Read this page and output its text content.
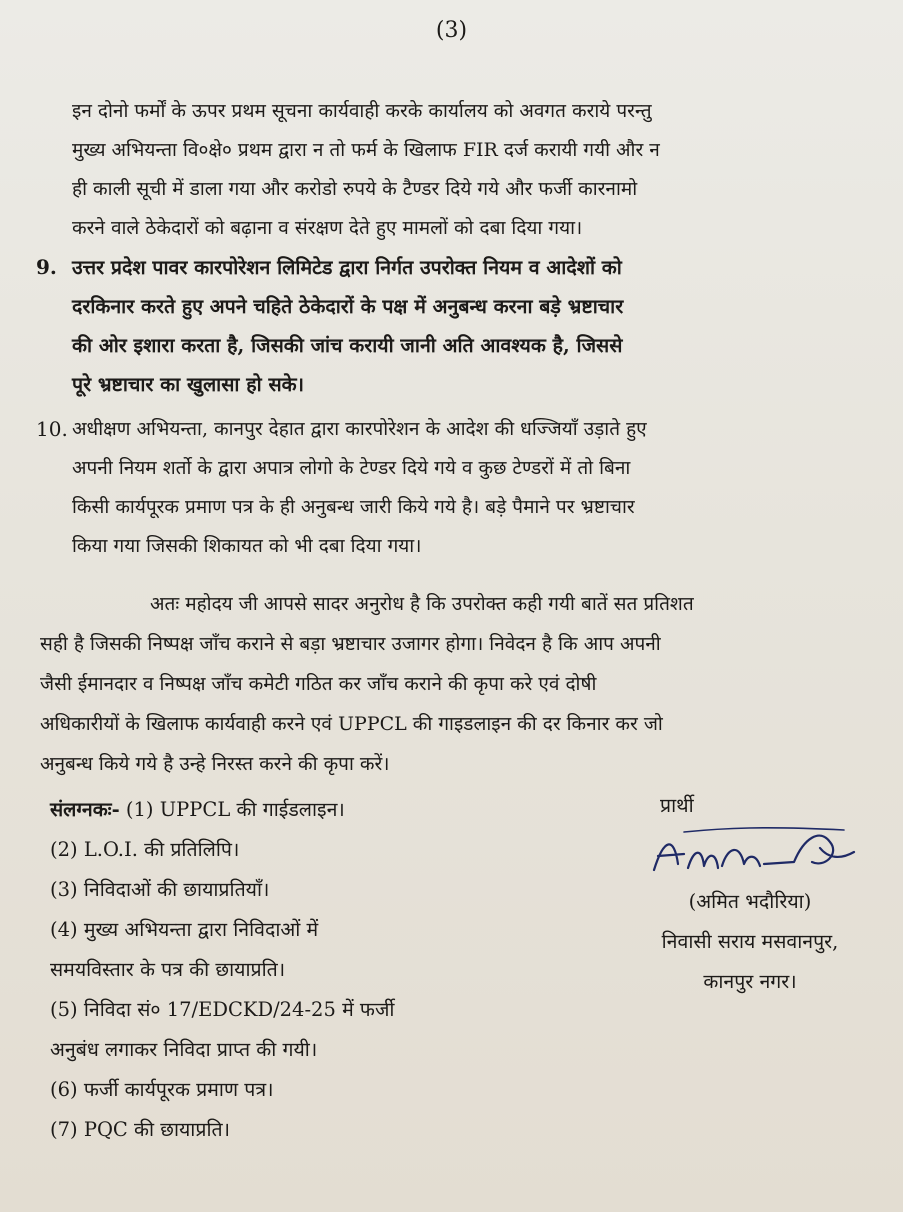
(3)
इन दोनो फर्मों के ऊपर प्रथम सूचना कार्यवाही करके कार्यालय को अवगत कराये परन्तु
मुख्य अभियन्ता वि०क्षे० प्रथम द्वारा न तो फर्म के खिलाफ FIR दर्ज करायी गयी और न
ही काली सूची में डाला गया और करोडो रुपये के टैण्डर दिये गये और फर्जी कारनामो
करने वाले ठेकेदारों को बढ़ाना व संरक्षण देते हुए मामलों को दबा दिया गया।
9. उत्तर प्रदेश पावर कारपोरेशन लिमिटेड द्वारा निर्गत उपरोक्त नियम व आदेशों को
दरकिनार करते हुए अपने चहिते ठेकेदारों के पक्ष में अनुबन्ध करना बड़े भ्रष्टाचार
की ओर इशारा करता है, जिसकी जांच करायी जानी अति आवश्यक है, जिससे
पूरे भ्रष्टाचार का खुलासा हो सके।
10. अधीक्षण अभियन्ता, कानपुर देहात द्वारा कारपोरेशन के आदेश की धज्जियाँ उड़ाते हुए
अपनी नियम शर्तो के द्वारा अपात्र लोगो के टेण्डर दिये गये व कुछ टेण्डरों में तो बिना
किसी कार्यपूरक प्रमाण पत्र के ही अनुबन्ध जारी किये गये है। बड़े पैमाने पर भ्रष्टाचार
किया गया जिसकी शिकायत को भी दबा दिया गया।
अतः महोदय जी आपसे सादर अनुरोध है कि उपरोक्त कही गयी बातें सत प्रतिशत
सही है जिसकी निष्पक्ष जाँच कराने से बड़ा भ्रष्टाचार उजागर होगा। निवेदन है कि आप अपनी
जैसी ईमानदार व निष्पक्ष जाँच कमेटी गठित कर जाँच कराने की कृपा करे एवं दोषी
अधिकारीयों के खिलाफ कार्यवाही करने एवं UPPCL की गाइडलाइन की दर किनार कर जो
अनुबन्ध किये गये है उन्हे निरस्त करने की कृपा करें।
संलग्नकः- (1) UPPCL की गाईडलाइन।
(2) L.O.I. की प्रतिलिपि।
(3) निविदाओं की छायाप्रतियाँ।
(4) मुख्य अभियन्ता द्वारा निविदाओं में
समयविस्तार के पत्र की छायाप्रति।
(5) निविदा सं० 17/EDCKD/24-25 में फर्जी
अनुबंध लगाकर निविदा प्राप्त की गयी।
(6) फर्जी कार्यपूरक प्रमाण पत्र।
(7) PQC की छायाप्रति।
प्रार्थी
(अमित भदौरिया)
निवासी सराय मसवानपुर,
कानपुर नगर।
